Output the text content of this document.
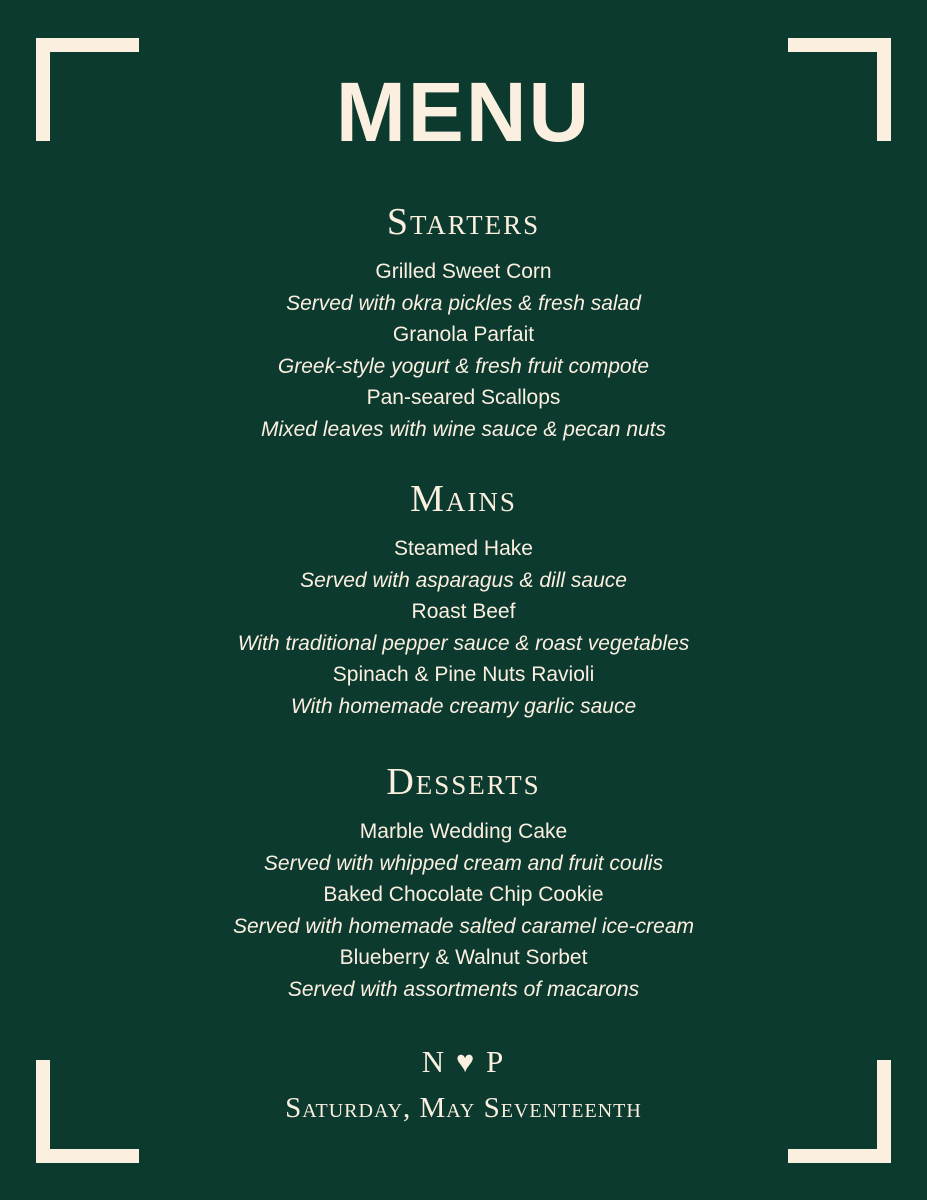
MENU
Starters
Grilled Sweet Corn
Served with okra pickles & fresh salad
Granola Parfait
Greek-style yogurt & fresh fruit compote
Pan-seared Scallops
Mixed leaves with wine sauce & pecan nuts
Mains
Steamed Hake
Served with asparagus & dill sauce
Roast Beef
With traditional pepper sauce & roast vegetables
Spinach & Pine Nuts Ravioli
With homemade creamy garlic sauce
Desserts
Marble Wedding Cake
Served with whipped cream and fruit coulis
Baked Chocolate Chip Cookie
Served with homemade salted caramel ice-cream
Blueberry & Walnut Sorbet
Served with assortments of macarons
N ♥ P
Saturday, May Seventeenth
